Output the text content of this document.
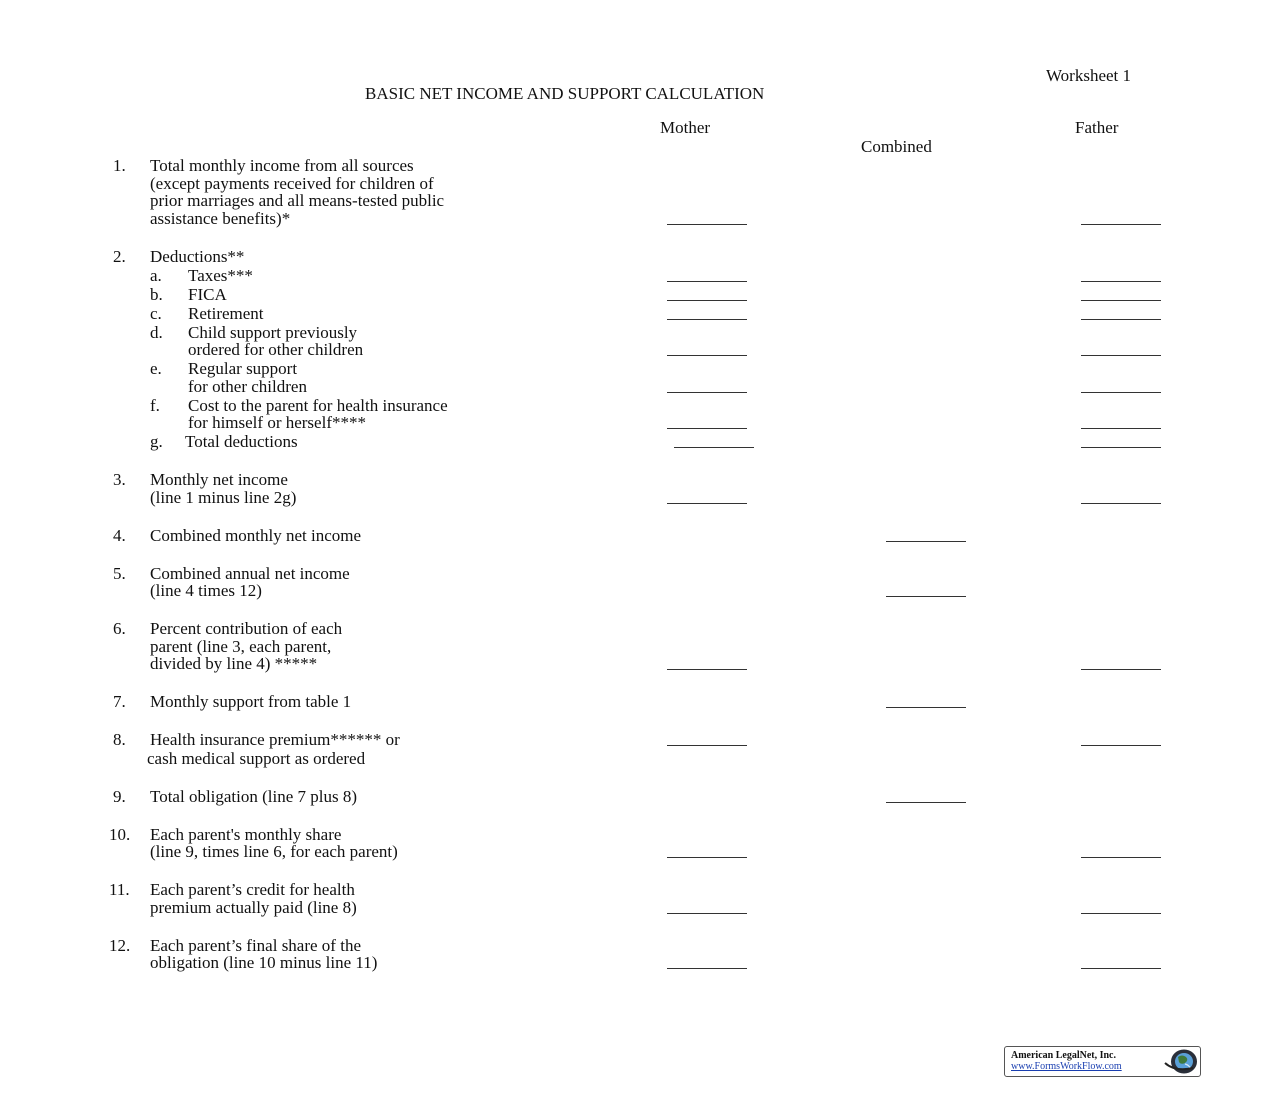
Worksheet 1
BASIC NET INCOME AND SUPPORT CALCULATION
Mother	Father
Combined
1. Total monthly income from all sources
(except payments received for children of
prior marriages and all means-tested public
assistance benefits)*
2. Deductions**
a. Taxes***
b. FICA
c. Retirement
d. Child support previously
ordered for other children
e. Regular support
for other children
f. Cost to the parent for health insurance
for himself or herself****
g. Total deductions
3. Monthly net income
(line 1 minus line 2g)
4. Combined monthly net income
5. Combined annual net income
(line 4 times 12)
6. Percent contribution of each
parent (line 3, each parent,
divided by line 4) *****
7. Monthly support from table 1
8. Health insurance premium****** or
cash medical support as ordered
9. Total obligation (line 7 plus 8)
10. Each parent's monthly share
(line 9, times line 6, for each parent)
11. Each parent’s credit for health
premium actually paid (line 8)
12. Each parent’s final share of the
obligation (line 10 minus line 11)
American LegalNet, Inc.
www.FormsWorkFlow.com
